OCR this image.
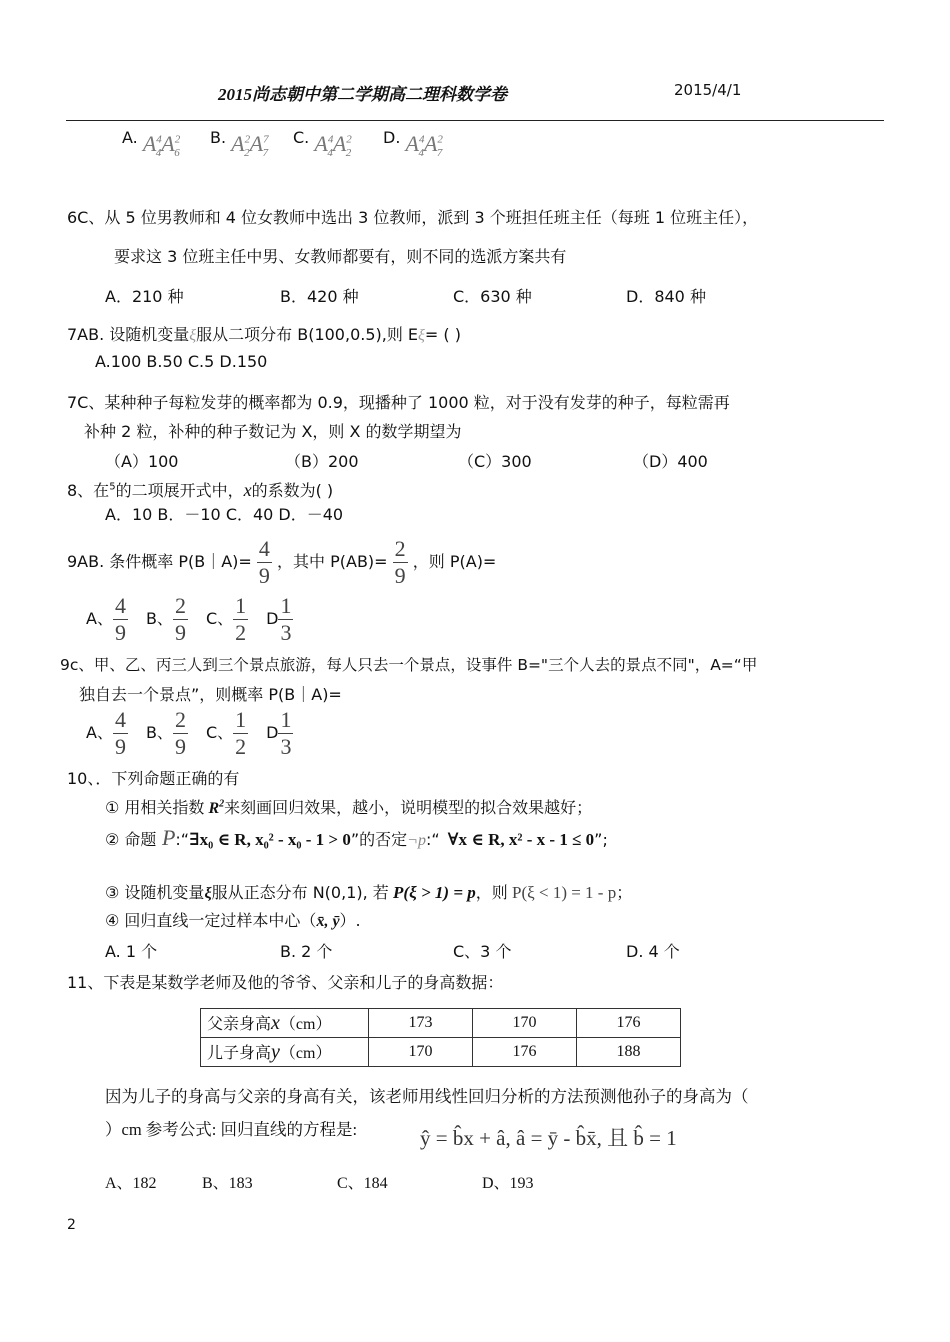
2015尚志朝中第二学期高二理科数学卷	2015/4/1
A. $A^4_4A^2_6$
B. $A^2_2A^7_7$
C. $A^4_4A^2_2$
D. $A^4_4A^2_7$
6C、从 5 位男教师和 4 位女教师中选出 3 位教师，派到 3 个班担任班主任（每班 1 位班主任），
要求这 3 位班主任中男、女教师都要有，则不同的选派方案共有
A．210 种	B．420 种	C．630 种	D．840 种
7AB. 设随机变量ξ服从二项分布 B(100,0.5),则 Eξ= ( )
A.100 B.50 C.5 D.150
7C、某种种子每粒发芽的概率都为 0.9，现播种了 1000 粒，对于没有发芽的种子，每粒需再
补种 2 粒，补种的种子数记为 X，则 X 的数学期望为
（A）100	（B）200	（C）300	（D）400
8、在$^5$的二项展开式中，x的系数为( )
A．10 B．－10 C．40 D．－40
9AB. 条件概率 P(B｜A)= $\frac{4}{9}$ ，其中 $P(AB)= \frac{2}{9}$ ，则 P(A)=
A、 $\frac{4}{9}$ B、 $\frac{2}{9}$ C、 $\frac{1}{2}$ D $\frac{1}{3}$
9c、甲、乙、丙三人到三个景点旅游，每人只去一个景点，设事件 B="三个人去的景点不同"，A=“甲
独自去一个景点”，则概率 P(B｜A)=
A、 $\frac{4}{9}$ B、 $\frac{2}{9}$ C、 $\frac{1}{2}$ D $\frac{1}{3}$
10、．下列命题正确的有
① 用相关指数 $R^2$来刻画回归效果，越小，说明模型的拟合效果越好；
② 命题 P:“∃x₀ ∈ R, x₀² - x₀ - 1 > 0”的否定¬p:“ ∀x ∈ R, x² - x - 1 ≤ 0”;
③ 设随机变量ξ服从正态分布 N(0,1), 若 P(ξ > 1) = p，则 P(ξ < 1) = 1 - p；
④ 回归直线一定过样本中心（x̄, ȳ）.
A. 1 个	B. 2 个	C、3 个	D. 4 个
11、下表是某数学老师及他的爷爷、父亲和儿子的身高数据：
父亲身高x（cm）	173	170	176
儿子身高y（cm）	170	176	188
因为儿子的身高与父亲的身高有关，该老师用线性回归分析的方法预测他孙子的身高为（
）cm 参考公式: 回归直线的方程是:	ŷ = b̂x + â, â = ȳ - b̂x̄, 且 b̂ = 1
A、182	B、183	C、184	D、193
2
